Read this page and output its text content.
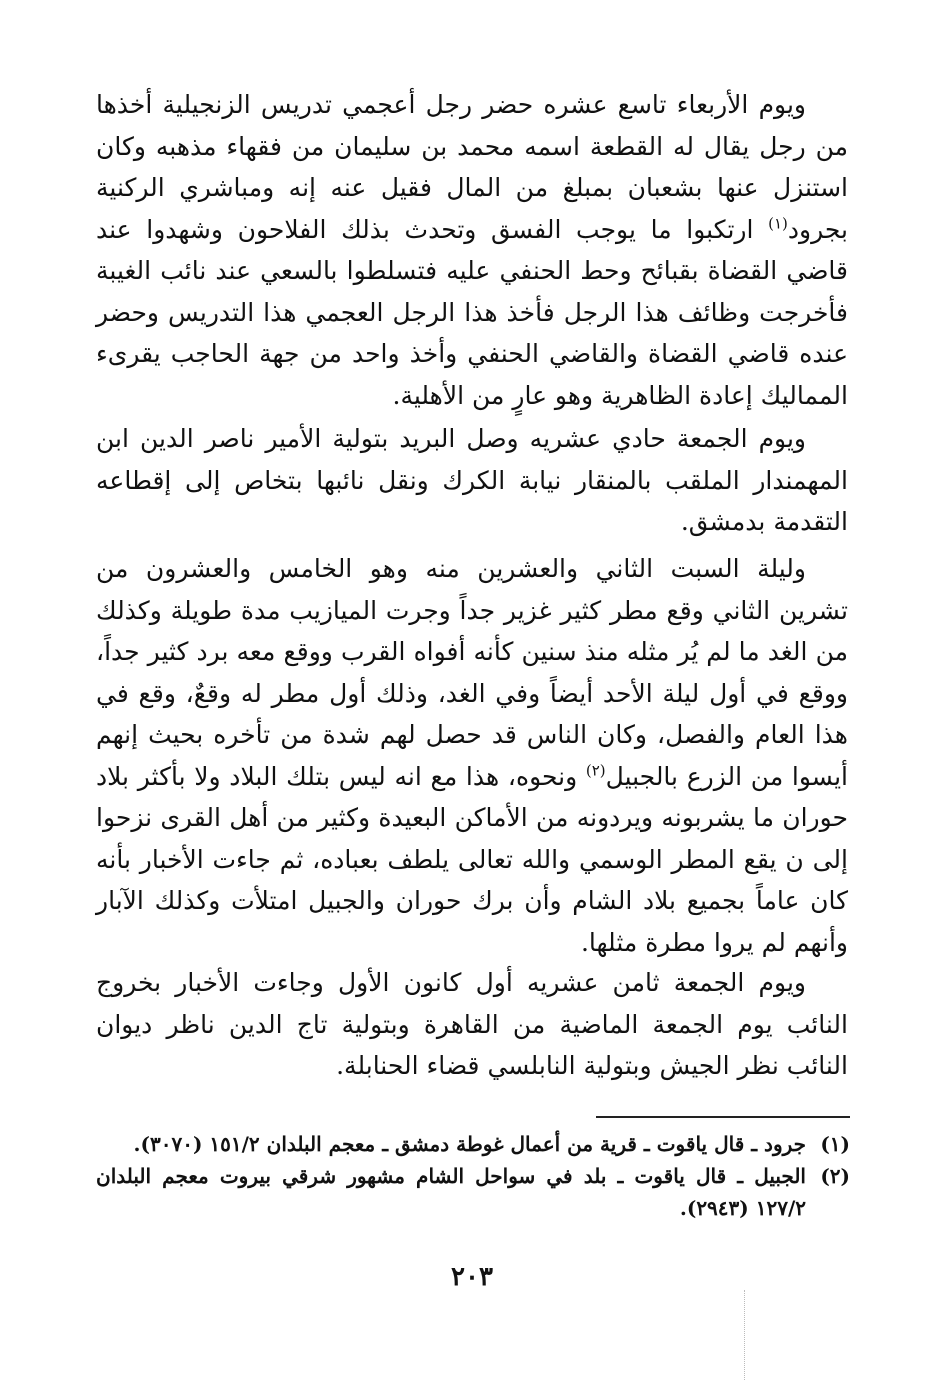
ويوم الأربعاء تاسع عشره حضر رجل أعجمي تدريس الزنجيلية أخذها من رجل يقال له القطعة اسمه محمد بن سليمان من فقهاء مذهبه وكان استنزل عنها بشعبان بمبلغ من المال فقيل عنه إنه ومباشري الركنية بجرود$^{(١)}$ ارتكبوا ما يوجب الفسق وتحدث بذلك الفلاحون وشهدوا عند قاضي القضاة بقبائح وحط الحنفي عليه فتسلطوا بالسعي عند نائب الغيبة فأخرجت وظائف هذا الرجل فأخذ هذا الرجل العجمي هذا التدريس وحضر عنده قاضي القضاة والقاضي الحنفي وأخذ واحد من جهة الحاجب يقرىء المماليك إعادة الظاهرية وهو عارٍ من الأهلية.

ويوم الجمعة حادي عشريه وصل البريد بتولية الأمير ناصر الدين ابن المهمندار الملقب بالمنقار نيابة الكرك ونقل نائبها بتخاص إلى إقطاعه التقدمة بدمشق.

وليلة السبت الثاني والعشرين منه وهو الخامس والعشرون من تشرين الثاني وقع مطر كثير غزير جداً وجرت الميازيب مدة طويلة وكذلك من الغد ما لم يُر مثله منذ سنين كأنه أفواه القرب ووقع معه برد كثير جداً، ووقع في أول ليلة الأحد أيضاً وفي الغد، وذلك أول مطر له وقعٌ، وقع في هذا العام والفصل، وكان الناس قد حصل لهم شدة من تأخره بحيث إنهم أيسوا من الزرع بالجبيل$^{(٢)}$ ونحوه، هذا مع انه ليس بتلك البلاد ولا بأكثر بلاد حوران ما يشربونه ويردونه من الأماكن البعيدة وكثير من أهل القرى نزحوا إلى ن يقع المطر الوسمي والله تعالى يلطف بعباده، ثم جاءت الأخبار بأنه كان عاماً بجميع بلاد الشام وأن برك حوران والجبيل امتلأت وكذلك الآبار وأنهم لم يروا مطرة مثلها.

ويوم الجمعة ثامن عشريه أول كانون الأول وجاءت الأخبار بخروج النائب يوم الجمعة الماضية من القاهرة وبتولية تاج الدين ناظر ديوان النائب نظر الجيش وبتولية النابلسي قضاء الحنابلة.

(١)
جرود ـ قال ياقوت ـ قرية من أعمال غوطة دمشق ـ معجم البلدان ١٥١/٢ (٣٠٧٠).
(٢)
الجبيل ـ قال ياقوت ـ بلد في سواحل الشام مشهور شرقي بيروت معجم البلدان ١٢٧/٢ (٢٩٤٣).
٢٠٣
